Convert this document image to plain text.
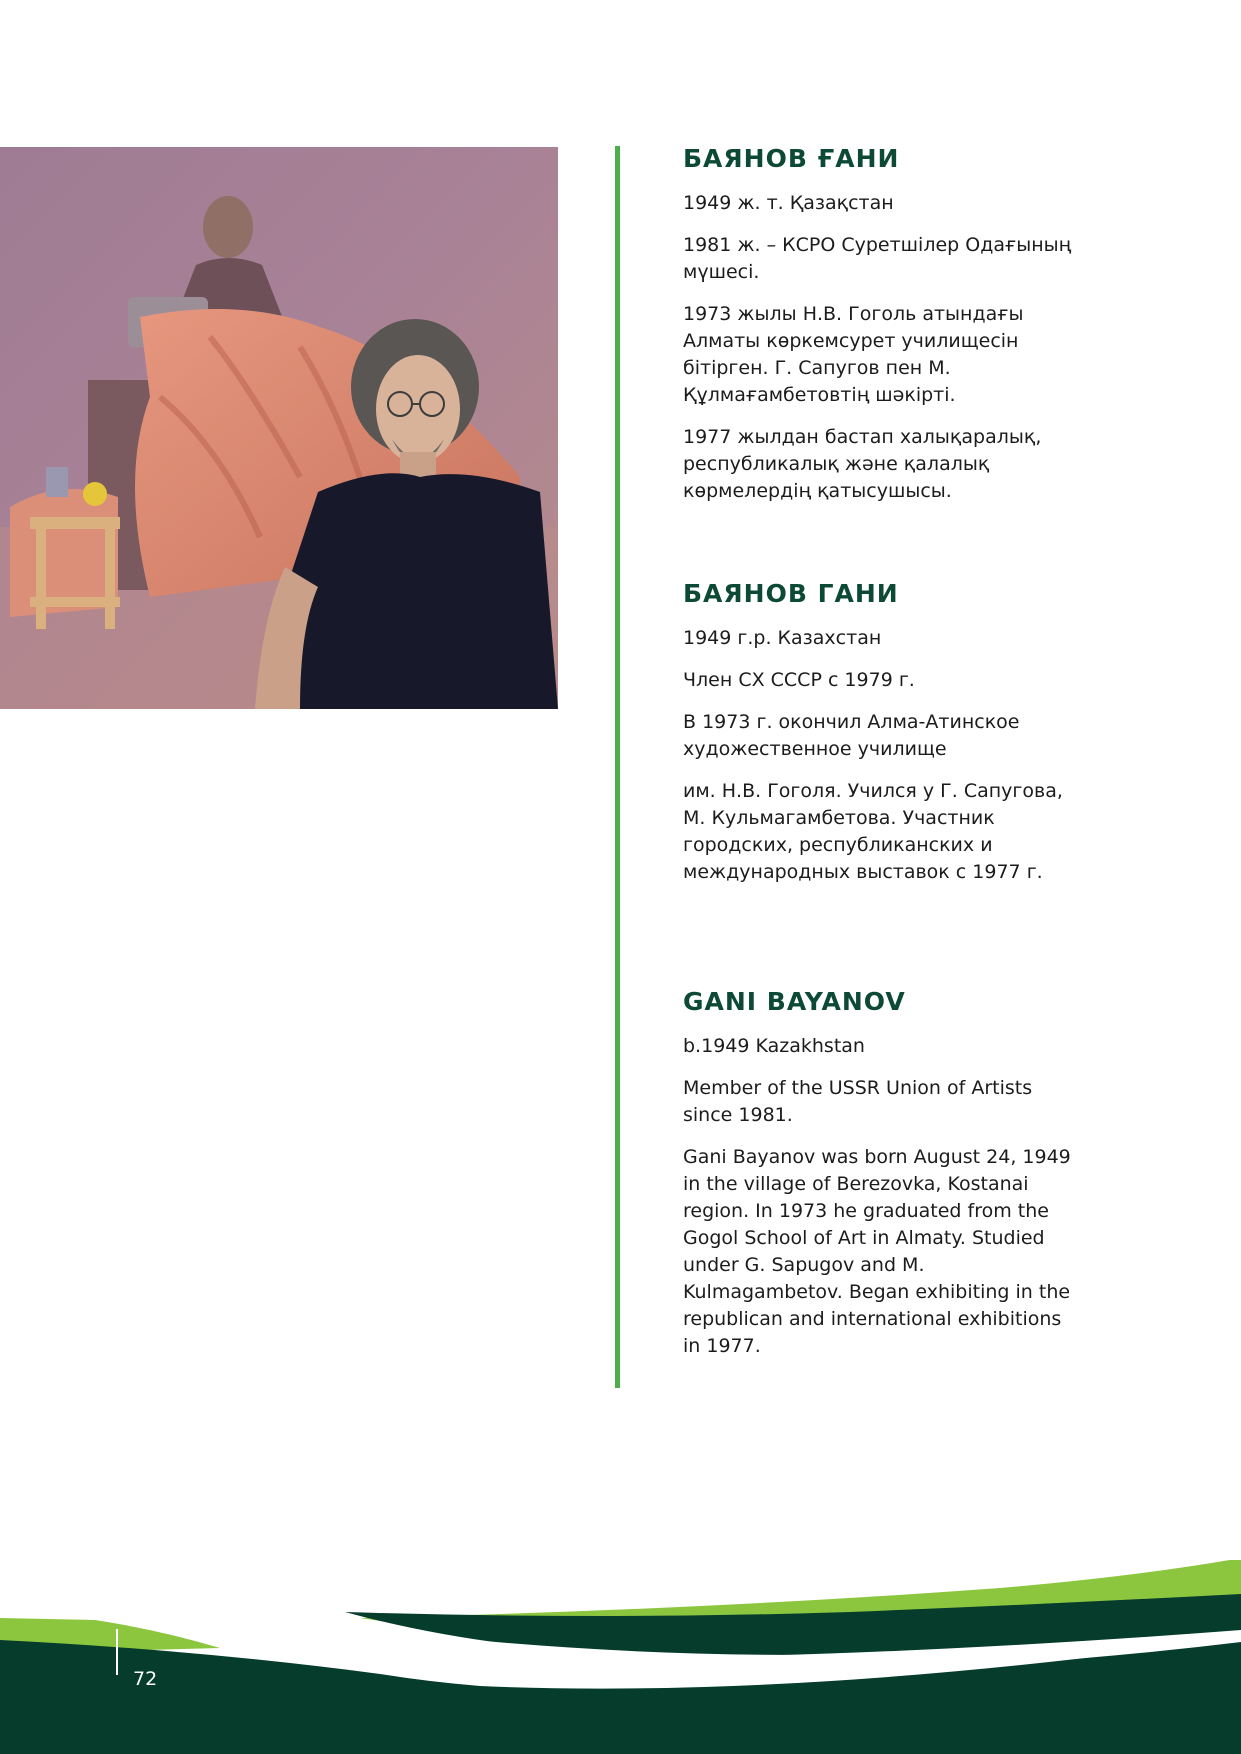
БАЯНОВ ҒАНИ

1949 ж. т. Қазақстан

1981 ж. – КСРО Суретшілер Одағының мүшесі.

1973 жылы Н.В. Гоголь атындағы Алматы көркемсурет училищесін бітірген. Г. Сапугов пен М. Құлмағамбетовтің шәкірті.

1977 жылдан бастап халықаралық, республикалық және қалалық көрмелердің қатысушысы.

БАЯНОВ ГАНИ

1949 г.р. Казахстан

Член СХ СССР с 1979 г.

В 1973 г. окончил Алма-Атинское художественное училище

им. Н.В. Гоголя. Учился у Г. Сапугова, М. Кульмагамбетова. Участник городских, республиканских и международных выставок с 1977 г.

GANI BAYANOV

b.1949 Kazakhstan

Member of the USSR Union of Artists since 1981.

Gani Bayanov was born August 24, 1949 in the village of Berezovka, Kostanai region. In 1973 he graduated from the Gogol School of Art in Almaty. Studied under G. Sapugov and M. Kulmagambetov. Began exhibiting in the republican and international exhibitions in 1977.

72
